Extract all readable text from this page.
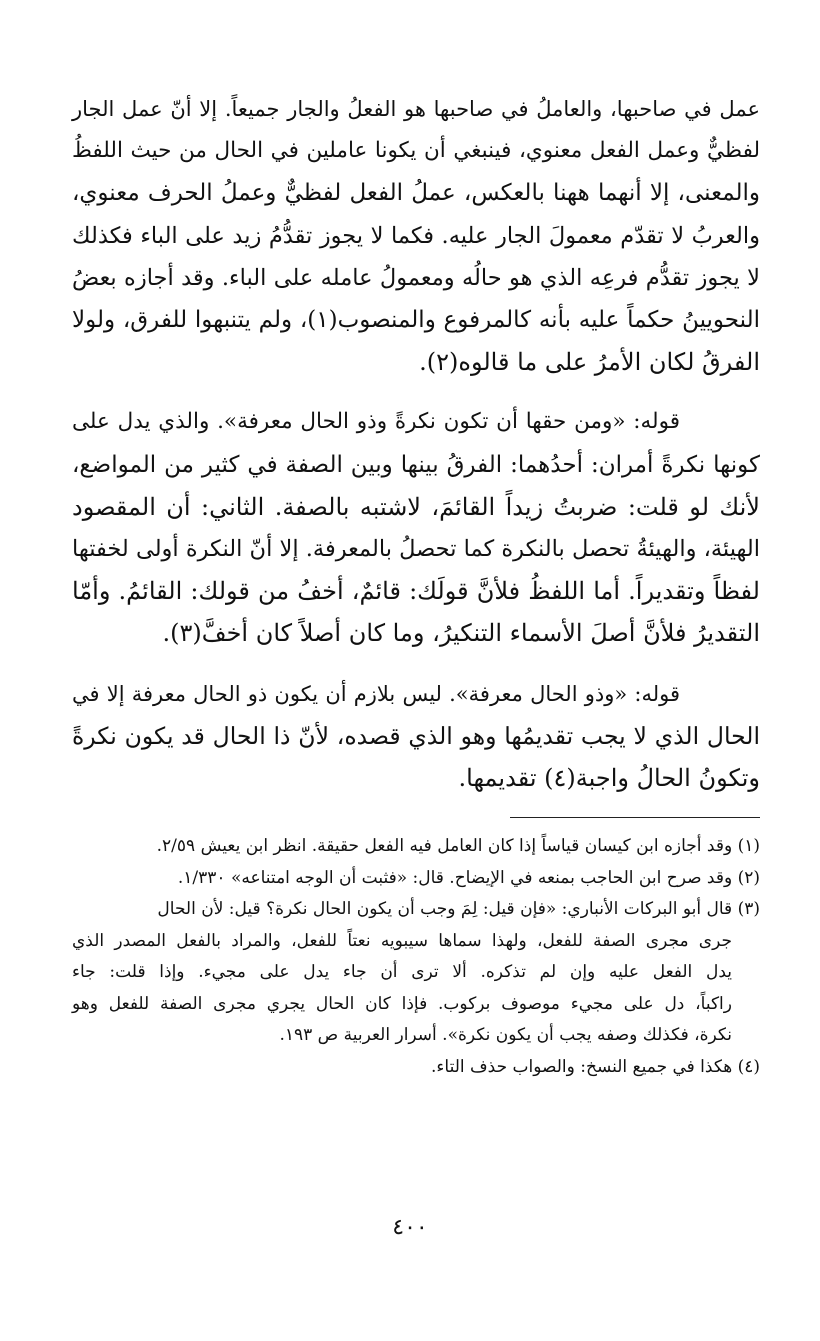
عمل في صاحبها، والعاملُ في صاحبها هو الفعلُ والجار جميعاً. إلا أنّ عمل الجار
لفظيٌّ وعمل الفعل معنوي، فينبغي أن يكونا عاملين في الحال من حيث اللفظُ
والمعنى، إلا أنهما ههنا بالعكس، عملُ الفعل لفظيٌّ وعملُ الحرف معنوي،
والعربُ لا تقدّم معمولَ الجار عليه. فكما لا يجوز تقدُّمُ زيد على الباء فكذلك
لا يجوز تقدُّم فرعِه الذي هو حالُه ومعمولُ عامله على الباء. وقد أجازه بعضُ
النحويينُ حكماً عليه بأنه كالمرفوع والمنصوب(١)، ولم يتنبهوا للفرق، ولولا
الفرقُ لكان الأمرُ على ما قالوه(٢).
قوله: «ومن حقها أن تكون نكرةً وذو الحال معرفة». والذي يدل على
كونها نكرةً أمران: أحدُهما: الفرقُ بينها وبين الصفة في كثير من المواضع،
لأنك لو قلت: ضربتُ زيداً القائمَ، لاشتبه بالصفة. الثاني: أن المقصود
الهيئة، والهيئةُ تحصل بالنكرة كما تحصلُ بالمعرفة. إلا أنّ النكرة أولى لخفتها
لفظاً وتقديراً. أما اللفظُ فلأنَّ قولَك: قائمٌ، أخفُ من قولك: القائمُ. وأمّا
التقديرُ فلأنَّ أصلَ الأسماء التنكيرُ، وما كان أصلاً كان أخفَّ(٣).
قوله: «وذو الحال معرفة». ليس بلازم أن يكون ذو الحال معرفة إلا في
الحال الذي لا يجب تقديمُها وهو الذي قصده، لأنّ ذا الحال قد يكون نكرةً
وتكونُ الحالُ واجبة(٤) تقديمها.
(١) وقد أجازه ابن كيسان قياساً إذا كان العامل فيه الفعل حقيقة. انظر ابن يعيش ٢/٥٩.
(٢) وقد صرح ابن الحاجب بمنعه في الإيضاح. قال: «فثبت أن الوجه امتناعه» ١/٣٣٠.
(٣) قال أبو البركات الأنباري: «فإن قيل: لِمَ وجب أن يكون الحال نكرة؟ قيل: لأن الحال
جرى مجرى الصفة للفعل، ولهذا سماها سيبويه نعتاً للفعل، والمراد بالفعل المصدر الذي
يدل الفعل عليه وإن لم تذكره. ألا ترى أن جاء يدل على مجيء. وإذا قلت: جاء
راكباً، دل على مجيء موصوف بركوب. فإذا كان الحال يجري مجرى الصفة للفعل وهو
نكرة، فكذلك وصفه يجب أن يكون نكرة». أسرار العربية ص ١٩٣.
(٤) هكذا في جميع النسخ: والصواب حذف التاء.
٤٠٠
